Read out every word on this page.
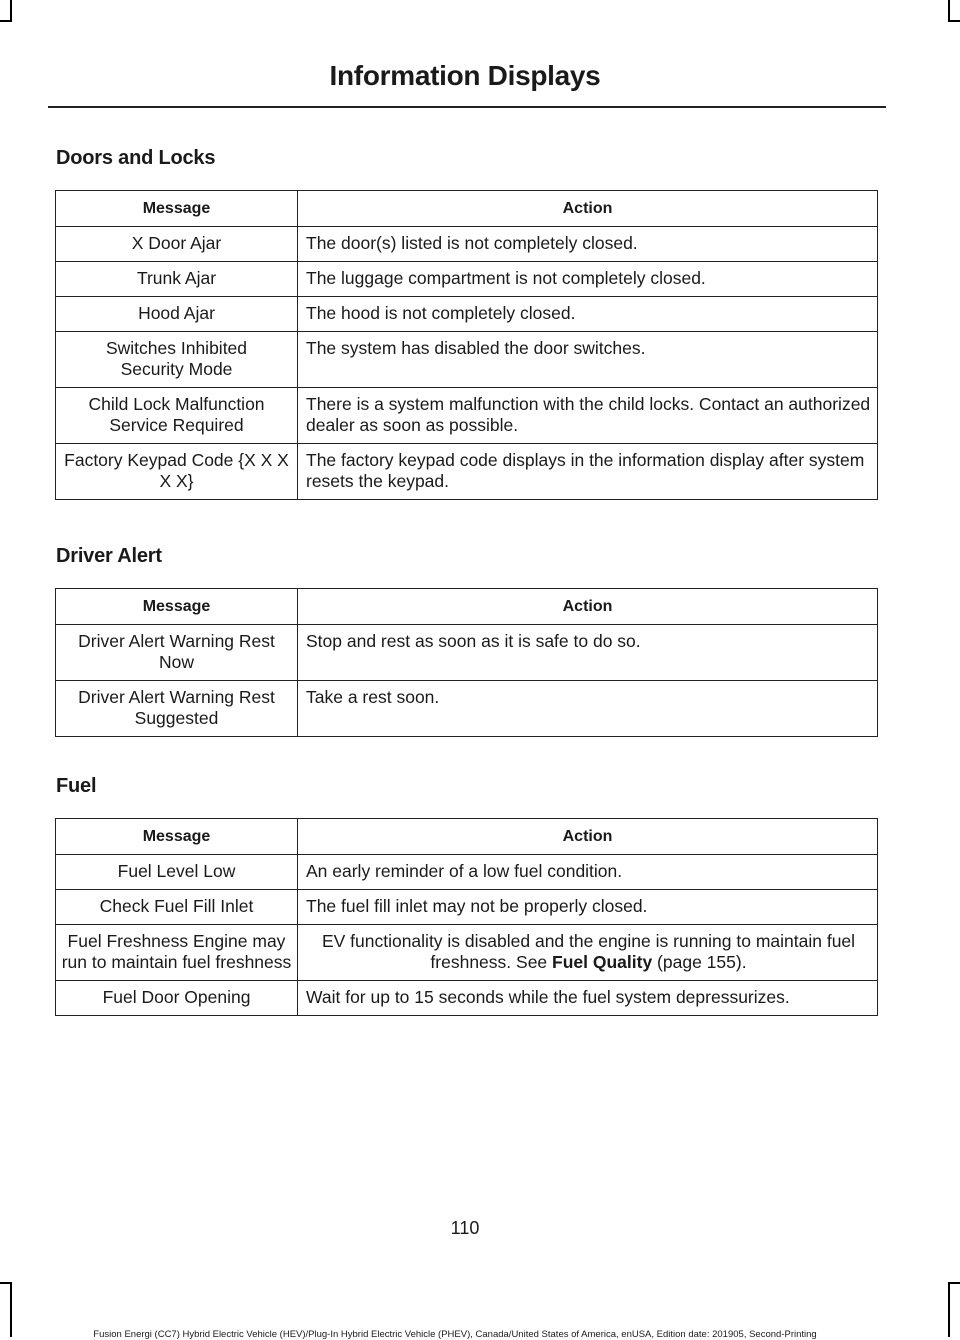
Information Displays
Doors and Locks
Message	Action
X Door Ajar	The door(s) listed is not completely closed.
Trunk Ajar	The luggage compartment is not completely closed.
Hood Ajar	The hood is not completely closed.
Switches Inhibited Security Mode	The system has disabled the door switches.
Child Lock Malfunction Service Required	There is a system malfunction with the child locks. Contact an authorized dealer as soon as possible.
Factory Keypad Code {X X X X X}	The factory keypad code displays in the information display after system resets the keypad.
Driver Alert
Message	Action
Driver Alert Warning Rest Now	Stop and rest as soon as it is safe to do so.
Driver Alert Warning Rest Suggested	Take a rest soon.
Fuel
Message	Action
Fuel Level Low	An early reminder of a low fuel condition.
Check Fuel Fill Inlet	The fuel fill inlet may not be properly closed.
Fuel Freshness Engine may run to maintain fuel freshness	EV functionality is disabled and the engine is running to maintain fuel freshness. See Fuel Quality (page 155).
Fuel Door Opening	Wait for up to 15 seconds while the fuel system depressurizes.
110
Fusion Energi (CC7) Hybrid Electric Vehicle (HEV)/Plug-In Hybrid Electric Vehicle (PHEV), Canada/United States of America, enUSA, Edition date: 201905, Second-Printing
